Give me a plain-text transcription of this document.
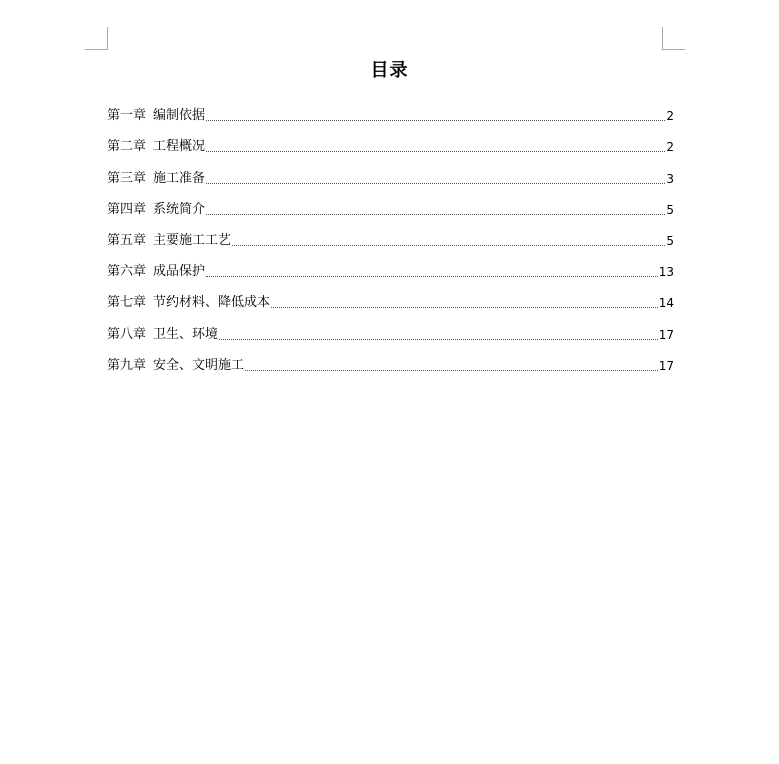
目录
第一章 编制依据	2
第二章 工程概况	2
第三章 施工准备	3
第四章 系统简介	5
第五章 主要施工工艺	5
第六章 成品保护	13
第七章 节约材料、降低成本	14
第八章 卫生、环境	17
第九章 安全、文明施工	17
